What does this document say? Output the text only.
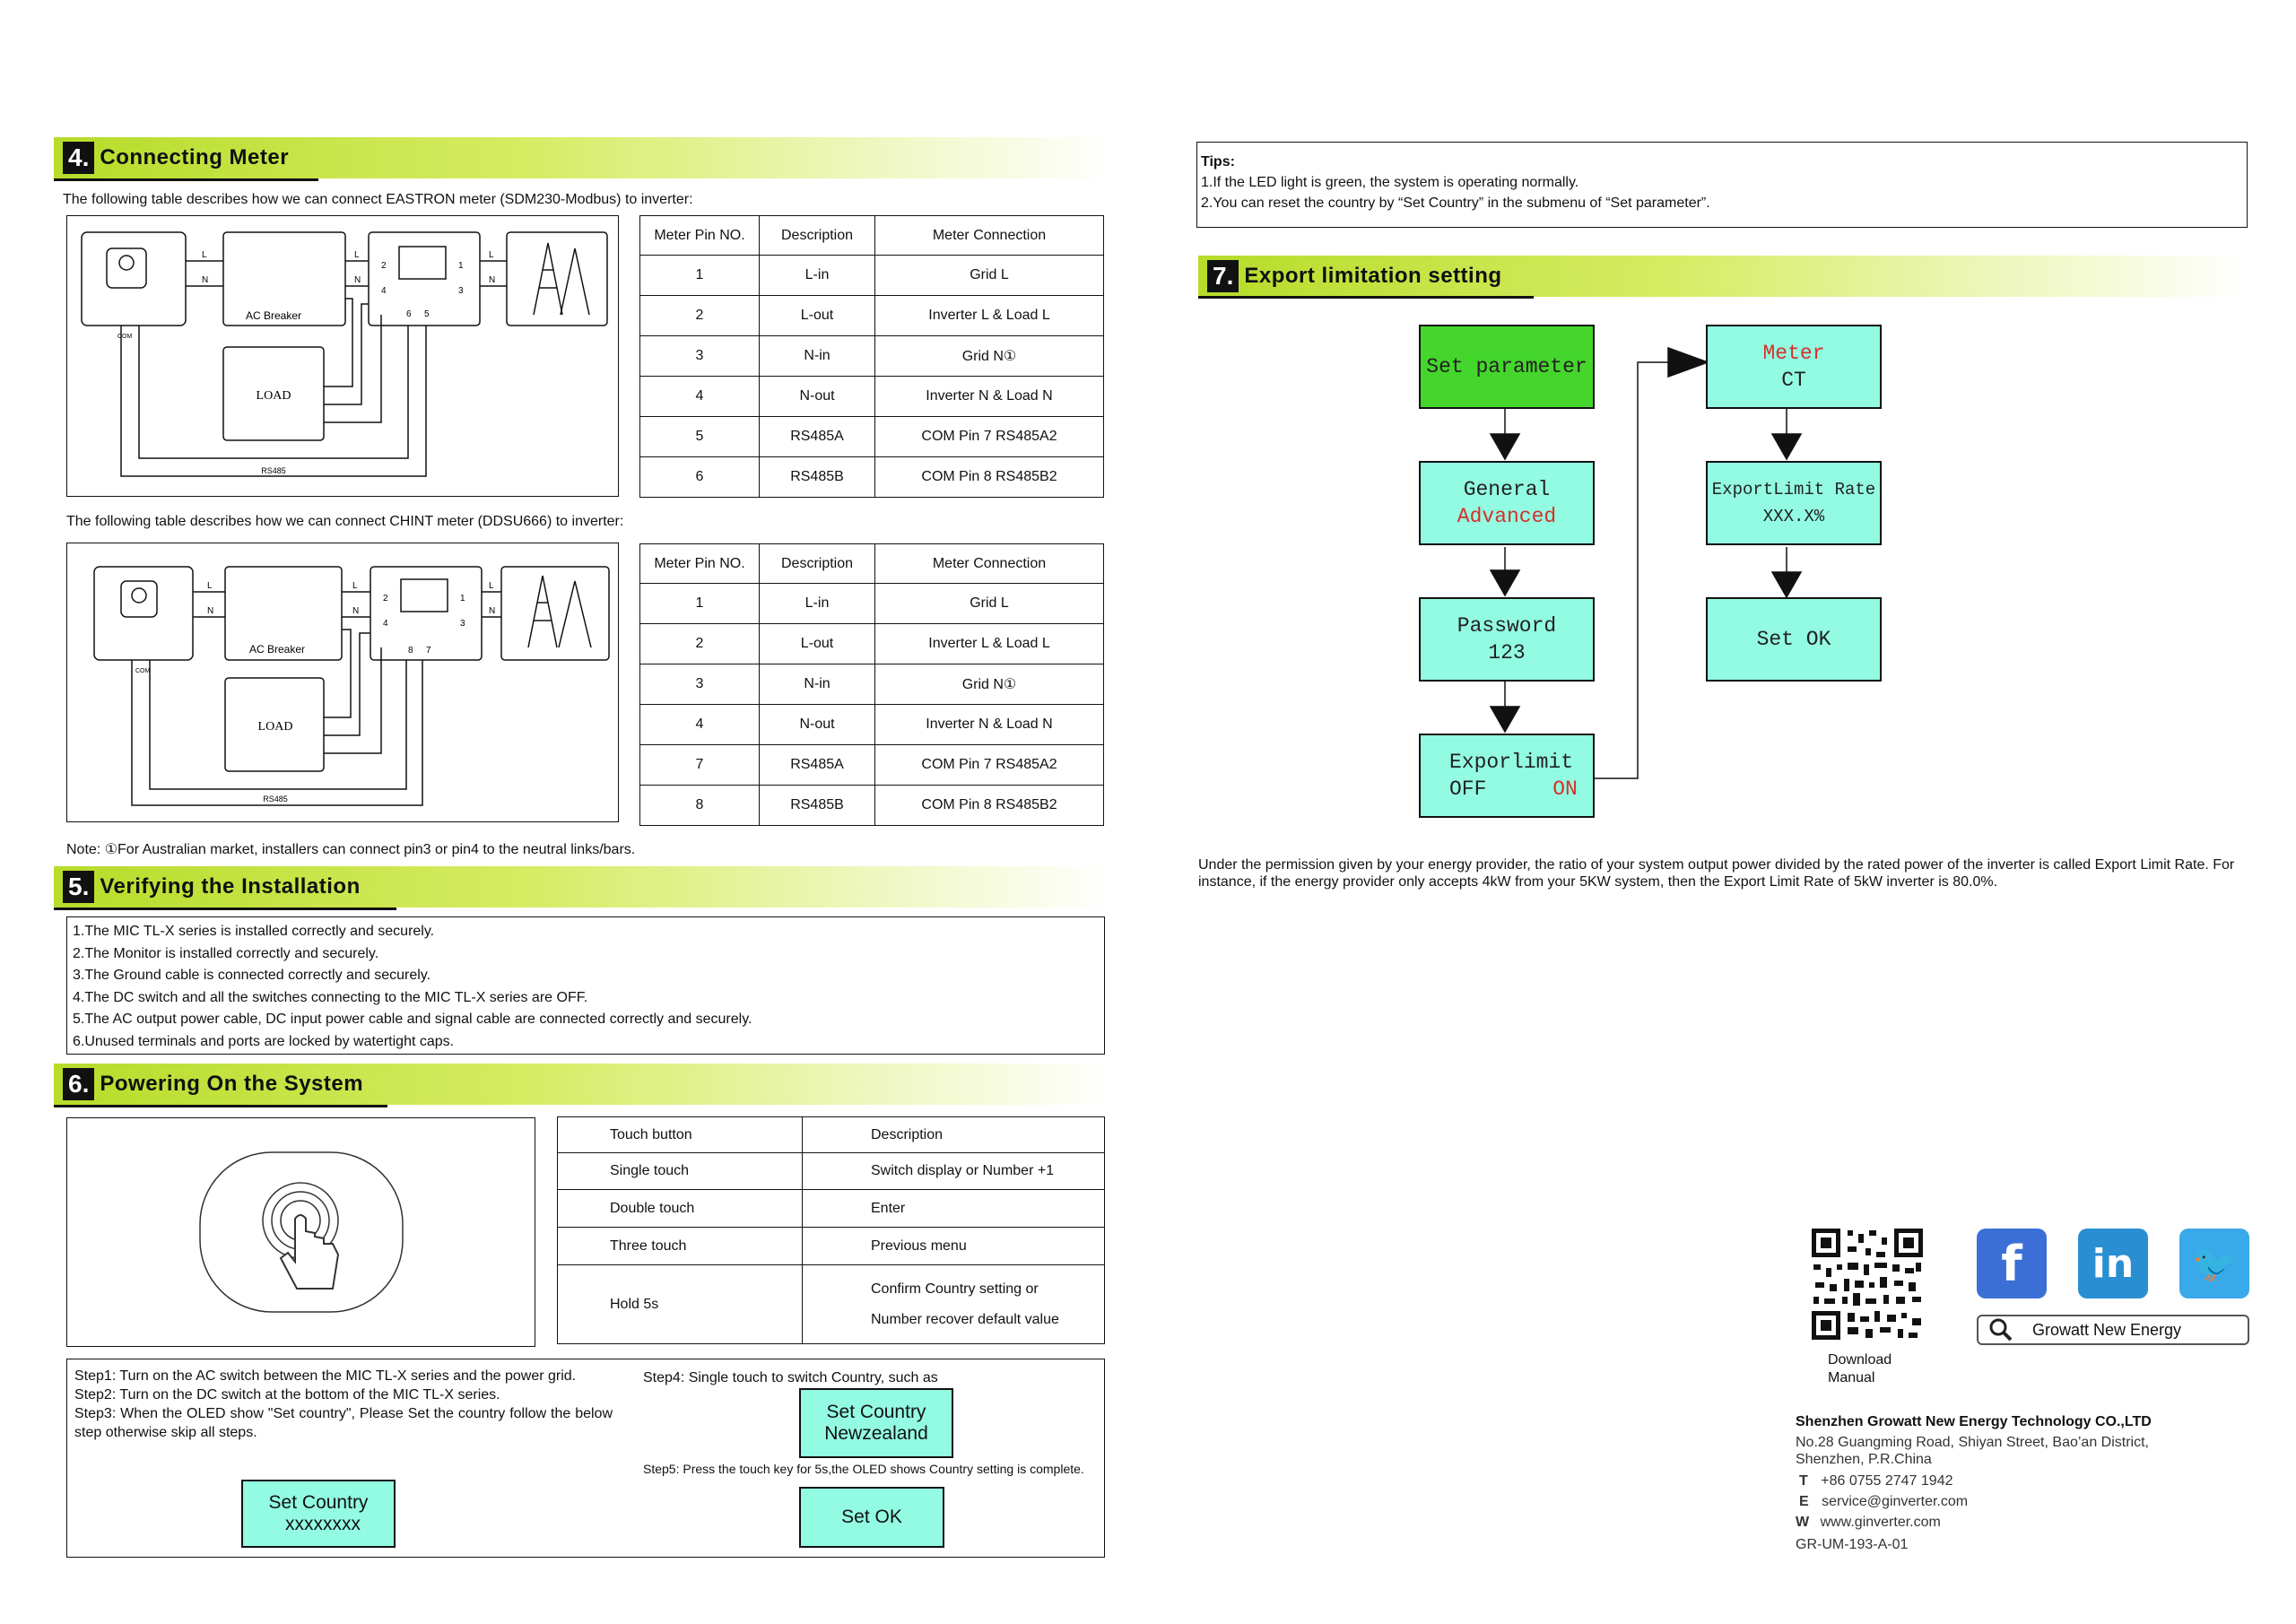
4. Connecting Meter
The following table describes how we can connect EASTRON meter (SDM230-Modbus) to inverter:
AC Breaker
LOAD
RS485
COM
L
N
L
N
L
N
2	1
4	3
6 5
Meter Pin NO.	Description	Meter Connection
1	L-in	Grid L
2	L-out	Inverter L & Load L
3	N-in	Grid N①
4	N-out	Inverter N & Load N
5	RS485A	COM Pin 7 RS485A2
6	RS485B	COM Pin 8 RS485B2
The following table describes how we can connect CHINT meter (DDSU666) to inverter:
AC Breaker
LOAD
RS485
COM
L
N
L
N
L
N
2	1
4	3
8 7
Meter Pin NO.	Description	Meter Connection
1	L-in	Grid L
2	L-out	Inverter L & Load L
3	N-in	Grid N①
4	N-out	Inverter N & Load N
7	RS485A	COM Pin 7 RS485A2
8	RS485B	COM Pin 8 RS485B2
Note: ①For Australian market, installers can connect pin3 or pin4 to the neutral links/bars.
5. Verifying the Installation
1.The MIC TL-X series is installed correctly and securely.
2.The Monitor is installed correctly and securely.
3.The Ground cable is connected correctly and securely.
4.The DC switch and all the switches connecting to the MIC TL-X series are OFF.
5.The AC output power cable, DC input power cable and signal cable are connected correctly and securely.
6.Unused terminals and ports are locked by watertight caps.
6. Powering On the System
Touch button	Description
Single touch	Switch display or Number +1
Double touch	Enter
Three touch	Previous menu
Hold 5s	Confirm Country setting or
Number recover default value
Step1: Turn on the AC switch between the MIC TL-X series and the power grid.
Step2: Turn on the DC switch at the bottom of the MIC TL-X series.
Step3: When the OLED show "Set country", Please Set the country follow the below step otherwise skip all steps.
Set Country
xxxxxxxx
Step4: Single touch to switch Country, such as
Set Country
Newzealand
Step5: Press the touch key for 5s,the OLED shows Country setting is complete.
Set OK
Tips:
1.If the LED light is green, the system is operating normally.
2.You can reset the country by “Set Country” in the submenu of “Set parameter”.
7. Export limitation setting
Set parameter
General
Advanced
Password
123
Exporlimit
OFF	ON
Meter
CT
ExportLimit Rate
XXX.X%
Set OK
Under the permission given by your energy provider, the ratio of your system output power divided by the rated power of the inverter is called Export Limit Rate. For instance, if the energy provider only accepts 4kW from your 5KW system, then the Export Limit Rate of 5kW inverter is 80.0%.
Download
Manual
f in 🐦
Growatt New Energy
Shenzhen Growatt New Energy Technology CO.,LTD
No.28 Guangming Road, Shiyan Street, Bao’an District,
Shenzhen, P.R.China
T +86 0755 2747 1942
E service@ginverter.com
W www.ginverter.com
GR-UM-193-A-01
